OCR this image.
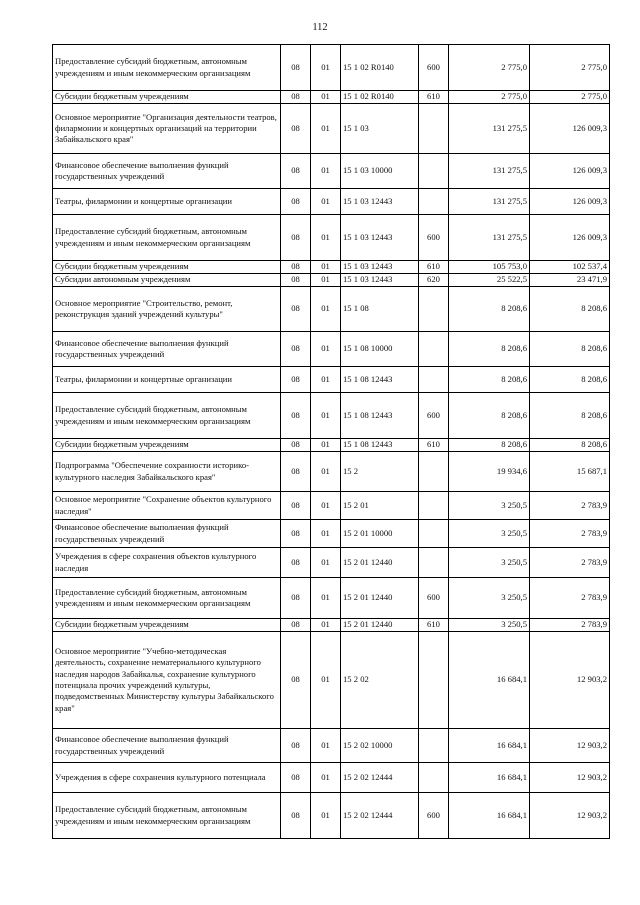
112
Предоставление субсидий бюджетным, автономным учреждениям и иным некоммерческим организациям	08	01	15 1 02 R0140	600	2 775,0	2 775,0
Субсидии бюджетным учреждениям	08	01	15 1 02 R0140	610	2 775,0	2 775,0
Основное мероприятие "Организация деятельности театров, филармонии и концертных организаций на территории Забайкальского края"	08	01	15 1 03		131 275,5	126 009,3
Финансовое обеспечение выполнения функций государственных учреждений	08	01	15 1 03 10000		131 275,5	126 009,3
Театры, филармонии и концертные организации	08	01	15 1 03 12443		131 275,5	126 009,3
Предоставление субсидий бюджетным, автономным учреждениям и иным некоммерческим организациям	08	01	15 1 03 12443	600	131 275,5	126 009,3
Субсидии бюджетным учреждениям	08	01	15 1 03 12443	610	105 753,0	102 537,4
Субсидии автономным учреждениям	08	01	15 1 03 12443	620	25 522,5	23 471,9
Основное мероприятие "Строительство, ремонт, реконструкция зданий учреждений культуры"	08	01	15 1 08		8 208,6	8 208,6
Финансовое обеспечение выполнения функций государственных учреждений	08	01	15 1 08 10000		8 208,6	8 208,6
Театры, филармонии и концертные организации	08	01	15 1 08 12443		8 208,6	8 208,6
Предоставление субсидий бюджетным, автономным учреждениям и иным некоммерческим организациям	08	01	15 1 08 12443	600	8 208,6	8 208,6
Субсидии бюджетным учреждениям	08	01	15 1 08 12443	610	8 208,6	8 208,6
Подпрограмма "Обеспечение сохранности историко-культурного наследия Забайкальского края"	08	01	15 2		19 934,6	15 687,1
Основное мероприятие "Сохранение объектов культурного наследия"	08	01	15 2 01		3 250,5	2 783,9
Финансовое обеспечение выполнения функций государственных учреждений	08	01	15 2 01 10000		3 250,5	2 783,9
Учреждения в сфере сохранения объектов культурного наследия	08	01	15 2 01 12440		3 250,5	2 783,9
Предоставление субсидий бюджетным, автономным учреждениям и иным некоммерческим организациям	08	01	15 2 01 12440	600	3 250,5	2 783,9
Субсидии бюджетным учреждениям	08	01	15 2 01 12440	610	3 250,5	2 783,9
Основное мероприятие "Учебно-методическая деятельность, сохранение нематериального культурного наследия народов Забайкалья, сохранение культурного потенциала прочих учреждений культуры, подведомственных Министерству культуры Забайкальского края"	08	01	15 2 02		16 684,1	12 903,2
Финансовое обеспечение выполнения функций государственных учреждений	08	01	15 2 02 10000		16 684,1	12 903,2
Учреждения в сфере сохранения культурного потенциала	08	01	15 2 02 12444		16 684,1	12 903,2
Предоставление субсидий бюджетным, автономным учреждениям и иным некоммерческим организациям	08	01	15 2 02 12444	600	16 684,1	12 903,2
